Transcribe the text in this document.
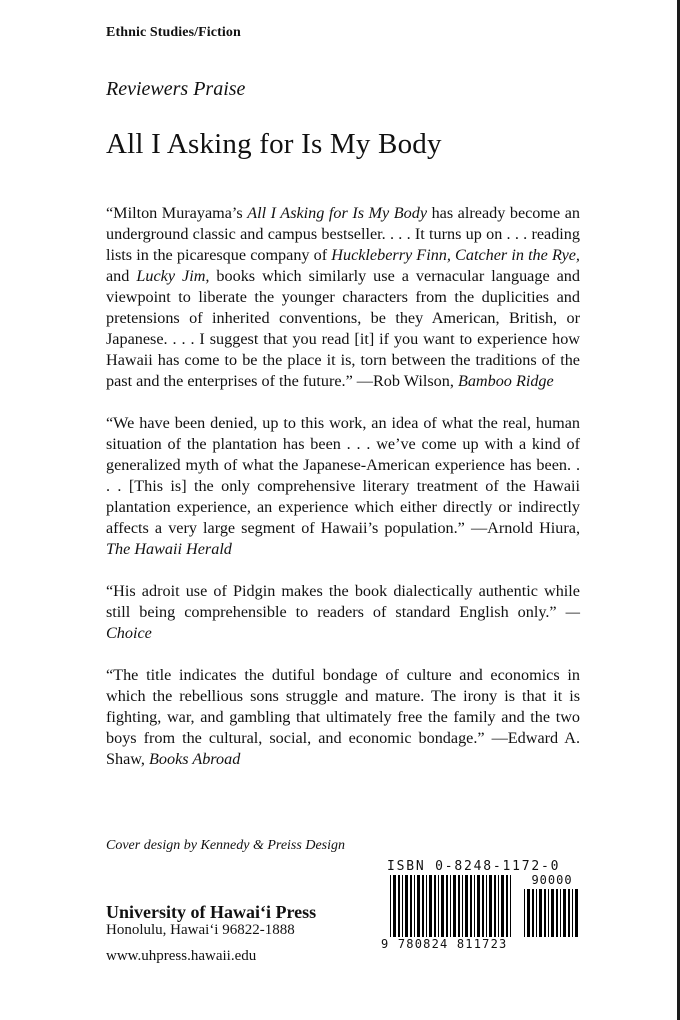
Ethnic Studies/Fiction
Reviewers Praise
All I Asking for Is My Body

“Milton Murayama’s All I Asking for Is My Body has already become an underground classic and campus bestseller. . . . It turns up on . . . reading lists in the picaresque company of Huckleberry Finn, Catcher in the Rye, and Lucky Jim, books which similarly use a vernacular language and viewpoint to liberate the younger characters from the duplicities and pretensions of inherited conventions, be they American, British, or Japanese. . . . I suggest that you read [it] if you want to experience how Hawaii has come to be the place it is, torn between the traditions of the past and the enterprises of the future.” —Rob Wilson, Bamboo Ridge

“We have been denied, up to this work, an idea of what the real, human situation of the plantation has been . . . we’ve come up with a kind of generalized myth of what the Japanese-American experience has been. . . . [This is] the only comprehensive literary treatment of the Hawaii plantation experience, an experience which either directly or indirectly affects a very large segment of Hawaii’s population.” —Arnold Hiura, The Hawaii Herald

“His adroit use of Pidgin makes the book dialectically authentic while still being comprehensible to readers of standard English only.” —Choice

“The title indicates the dutiful bondage of culture and economics in which the rebellious sons struggle and mature. The irony is that it is fighting, war, and gambling that ultimately free the family and the two boys from the cultural, social, and economic bondage.” —Edward A. Shaw, Books Abroad

Cover design by Kennedy & Preiss Design
University of Hawaiʻi Press
Honolulu, Hawaiʻi 96822-1888
www.uhpress.hawaii.edu
ISBN 0-8248-1172-0
90000
9 780824 811723
